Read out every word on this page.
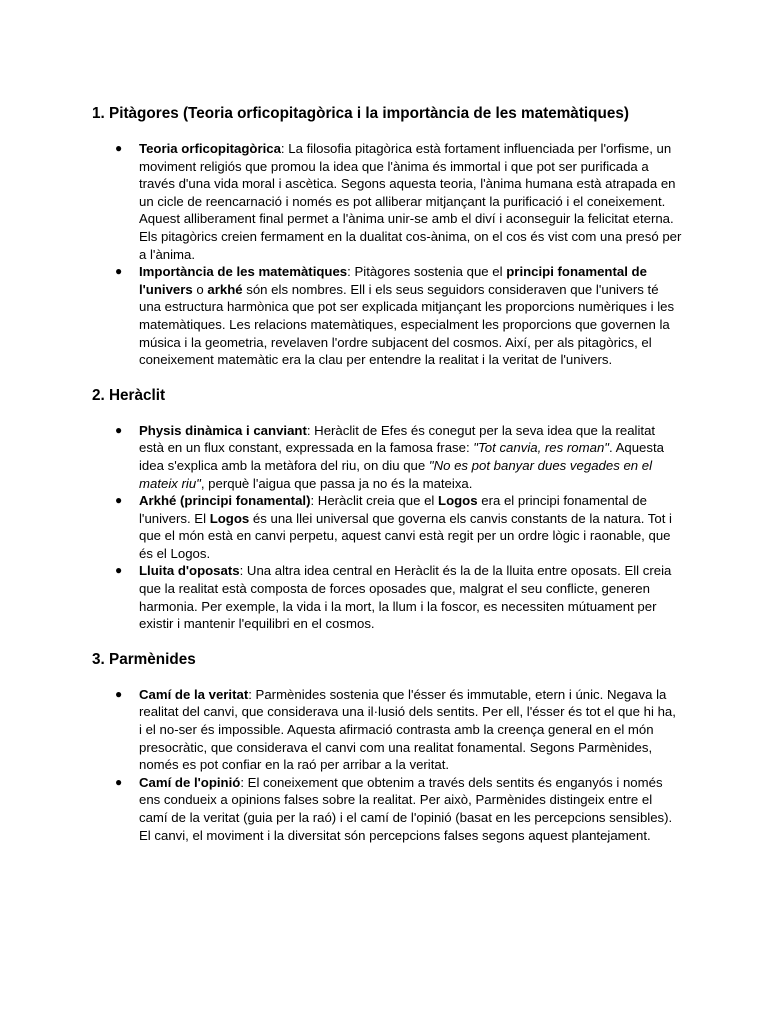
1. Pitàgores (Teoria orficopitagòrica i la importància de les matemàtiques)
● Teoria orficopitagòrica: La filosofia pitagòrica està fortament influenciada per l'orfisme, un moviment religiós que promou la idea que l'ànima és immortal i que pot ser purificada a través d'una vida moral i ascètica. Segons aquesta teoria, l'ànima humana està atrapada en un cicle de reencarnació i només es pot alliberar mitjançant la purificació i el coneixement. Aquest alliberament final permet a l'ànima unir-se amb el diví i aconseguir la felicitat eterna. Els pitagòrics creien fermament en la dualitat cos-ànima, on el cos és vist com una presó per a l'ànima.
● Importància de les matemàtiques: Pitàgores sostenia que el principi fonamental de l'univers o arkhé són els nombres. Ell i els seus seguidors consideraven que l'univers té una estructura harmònica que pot ser explicada mitjançant les proporcions numèriques i les matemàtiques. Les relacions matemàtiques, especialment les proporcions que governen la música i la geometria, revelaven l'ordre subjacent del cosmos. Així, per als pitagòrics, el coneixement matemàtic era la clau per entendre la realitat i la veritat de l'univers.
2. Heràclit
● Physis dinàmica i canviant: Heràclit de Efes és conegut per la seva idea que la realitat està en un flux constant, expressada en la famosa frase: "Tot canvia, res roman". Aquesta idea s'explica amb la metàfora del riu, on diu que "No es pot banyar dues vegades en el mateix riu", perquè l'aigua que passa ja no és la mateixa.
● Arkhé (principi fonamental): Heràclit creia que el Logos era el principi fonamental de l'univers. El Logos és una llei universal que governa els canvis constants de la natura. Tot i que el món està en canvi perpetu, aquest canvi està regit per un ordre lògic i raonable, que és el Logos.
● Lluita d'oposats: Una altra idea central en Heràclit és la de la lluita entre oposats. Ell creia que la realitat està composta de forces oposades que, malgrat el seu conflicte, generen harmonia. Per exemple, la vida i la mort, la llum i la foscor, es necessiten mútuament per existir i mantenir l'equilibri en el cosmos.
3. Parmènides
● Camí de la veritat: Parmènides sostenia que l'ésser és immutable, etern i únic. Negava la realitat del canvi, que considerava una il·lusió dels sentits. Per ell, l'ésser és tot el que hi ha, i el no-ser és impossible. Aquesta afirmació contrasta amb la creença general en el món presocràtic, que considerava el canvi com una realitat fonamental. Segons Parmènides, només es pot confiar en la raó per arribar a la veritat.
● Camí de l'opinió: El coneixement que obtenim a través dels sentits és enganyós i només ens condueix a opinions falses sobre la realitat. Per això, Parmènides distingeix entre el camí de la veritat (guia per la raó) i el camí de l'opinió (basat en les percepcions sensibles). El canvi, el moviment i la diversitat són percepcions falses segons aquest plantejament.
